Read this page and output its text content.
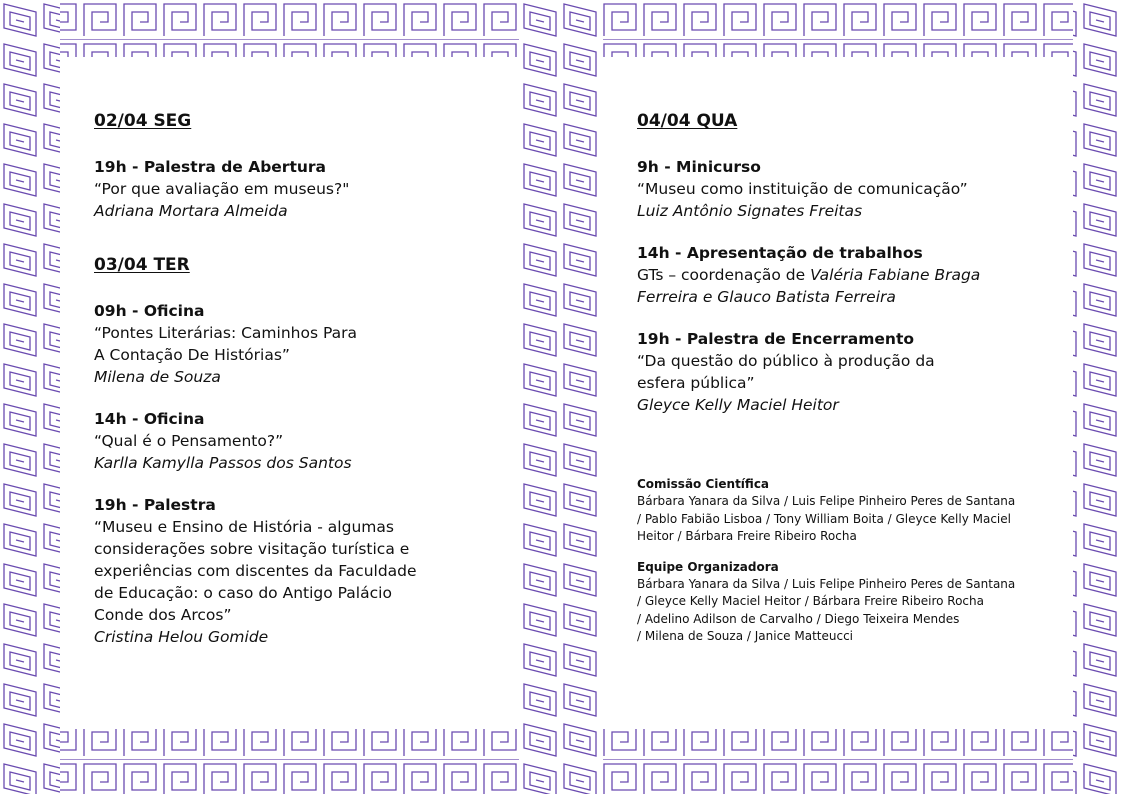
02/04 SEG
19h - Palestra de Abertura
“Por que avaliação em museus?"
Adriana Mortara Almeida
03/04 TER
09h - Oficina
“Pontes Literárias: Caminhos Para
A Contação De Histórias”
Milena de Souza
14h - Oficina
“Qual é o Pensamento?”
Karlla Kamylla Passos dos Santos
19h - Palestra
“Museu e Ensino de História - algumas
considerações sobre visitação turística e
experiências com discentes da Faculdade
de Educação: o caso do Antigo Palácio
Conde dos Arcos”
Cristina Helou Gomide
04/04 QUA
9h - Minicurso
“Museu como instituição de comunicação”
Luiz Antônio Signates Freitas
14h - Apresentação de trabalhos
GTs – coordenação de Valéria Fabiane Braga
Ferreira e Glauco Batista Ferreira
19h - Palestra de Encerramento
“Da questão do público à produção da
esfera pública”
Gleyce Kelly Maciel Heitor
Comissão Científica
Bárbara Yanara da Silva / Luis Felipe Pinheiro Peres de Santana
/ Pablo Fabião Lisboa / Tony William Boita / Gleyce Kelly Maciel
Heitor / Bárbara Freire Ribeiro Rocha
Equipe Organizadora
Bárbara Yanara da Silva / Luis Felipe Pinheiro Peres de Santana
/ Gleyce Kelly Maciel Heitor / Bárbara Freire Ribeiro Rocha
/ Adelino Adilson de Carvalho / Diego Teixeira Mendes
/ Milena de Souza / Janice Matteucci
